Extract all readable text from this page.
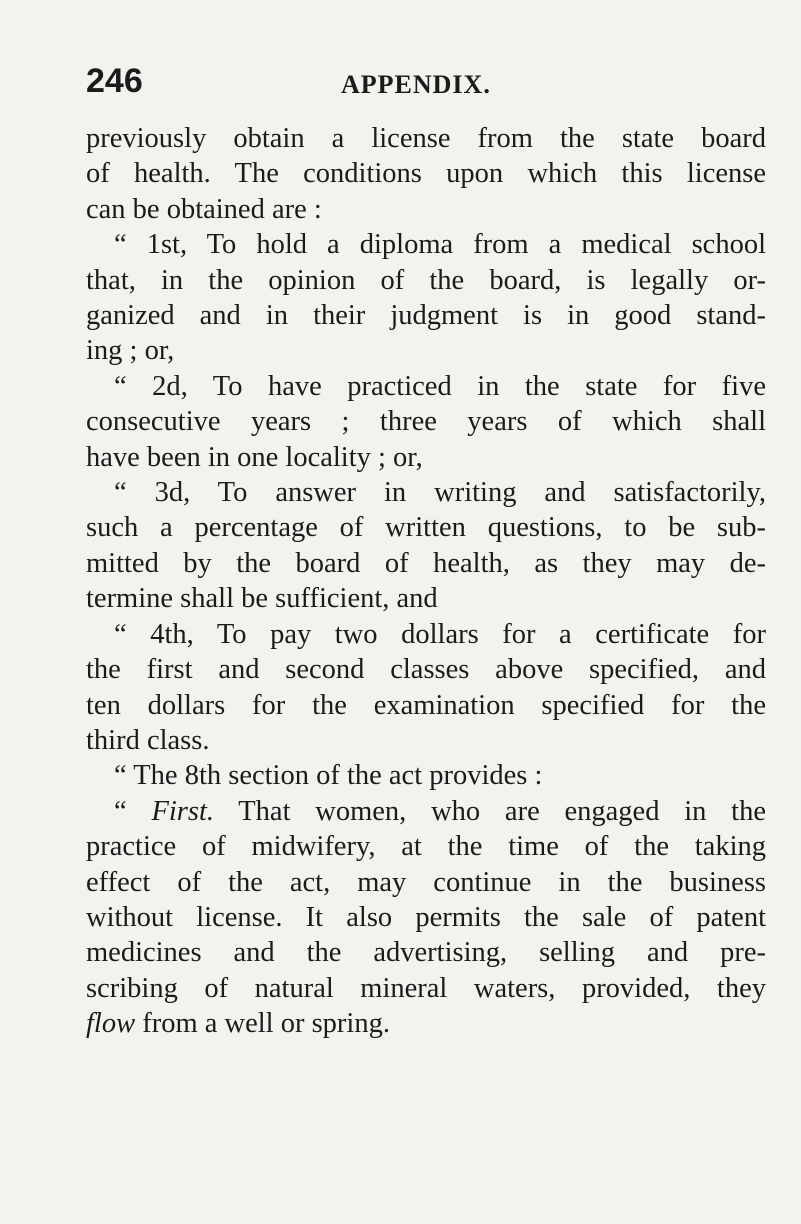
246	APPENDIX.
previously obtain a license from the state board
of health. The conditions upon which this license
can be obtained are :
“ 1st, To hold a diploma from a medical school
that, in the opinion of the board, is legally or-
ganized and in their judgment is in good stand-
ing ; or,
“ 2d, To have practiced in the state for five
consecutive years ; three years of which shall
have been in one locality ; or,
“ 3d, To answer in writing and satisfactorily,
such a percentage of written questions, to be sub-
mitted by the board of health, as they may de-
termine shall be sufficient, and
“ 4th, To pay two dollars for a certificate for
the first and second classes above specified, and
ten dollars for the examination specified for the
third class.
“ The 8th section of the act provides :
“ First. That women, who are engaged in the
practice of midwifery, at the time of the taking
effect of the act, may continue in the business
without license. It also permits the sale of patent
medicines and the advertising, selling and pre-
scribing of natural mineral waters, provided, they
flow from a well or spring.
